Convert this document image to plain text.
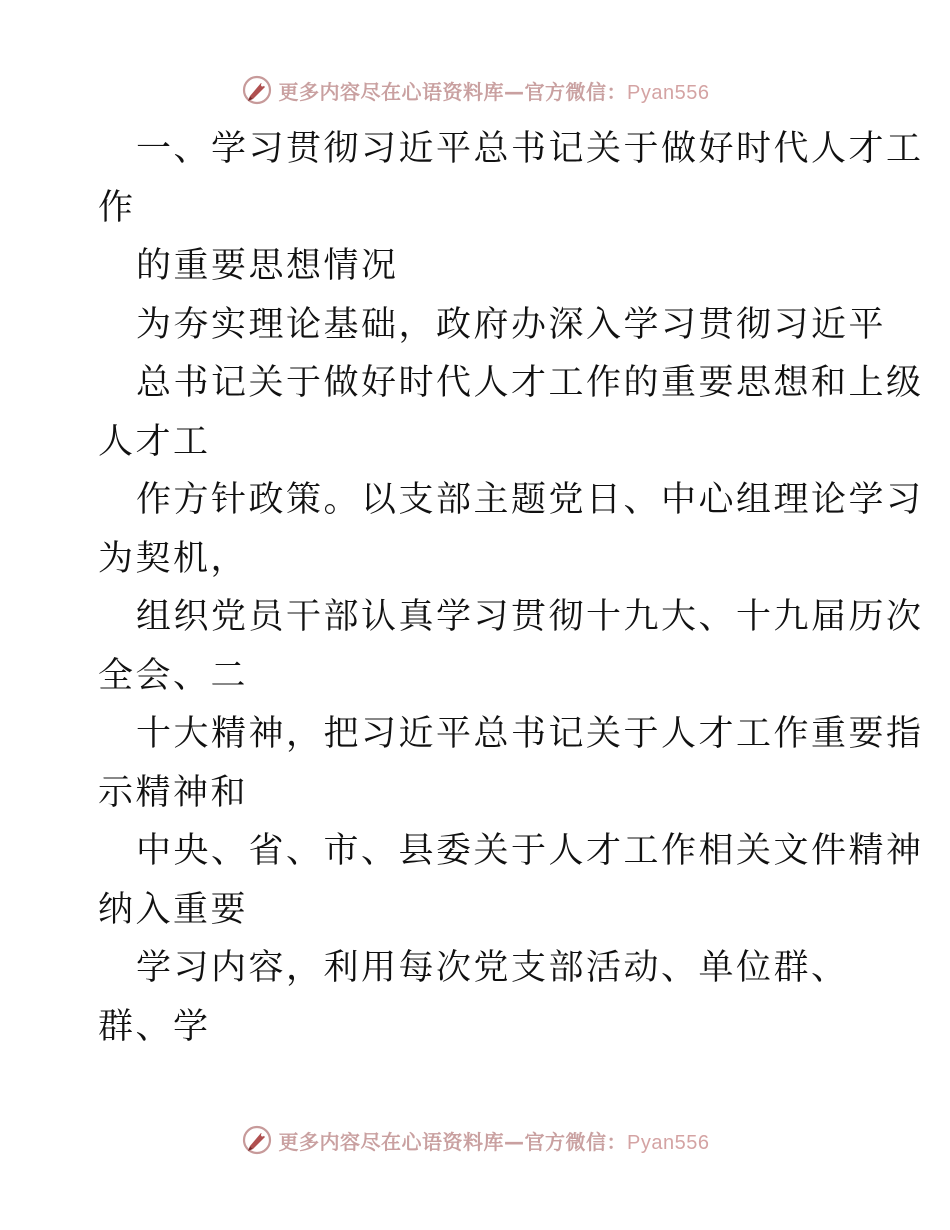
更多内容尽在心语资料库—官方微信：Pyan556
一、学习贯彻习近平总书记关于做好时代人才工
作
的重要思想情况
为夯实理论基础，政府办深入学习贯彻习近平
总书记关于做好时代人才工作的重要思想和上级
人才工
作方针政策。以支部主题党日、中心组理论学习
为契机，
组织党员干部认真学习贯彻十九大、十九届历次
全会、二
十大精神，把习近平总书记关于人才工作重要指
示精神和
中央、省、市、县委关于人才工作相关文件精神
纳入重要
学习内容，利用每次党支部活动、单位群、
群、学
更多内容尽在心语资料库—官方微信：Pyan556
